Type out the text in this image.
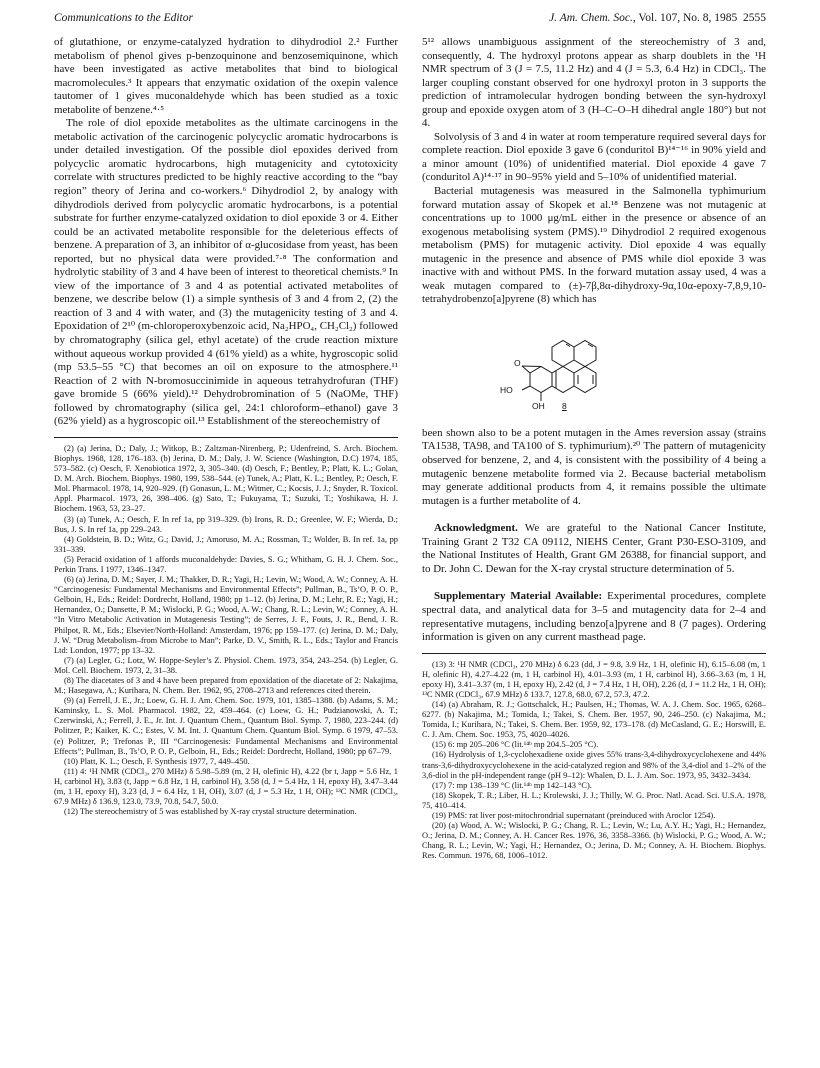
Communications to the Editor	J. Am. Chem. Soc., Vol. 107, No. 8, 1985 2555

of glutathione, or enzyme-catalyzed hydration to dihydrodiol 2.² Further metabolism of phenol gives p-benzoquinone and benzosemiquinone, which have been investigated as active metabolites that bind to biological macromolecules.³ It appears that enzymatic oxidation of the oxepin valence tautomer of 1 gives muconaldehyde which has been studied as a toxic metabolite of benzene.⁴·⁵

The role of diol epoxide metabolites as the ultimate carcinogens in the metabolic activation of the carcinogenic polycyclic aromatic hydrocarbons is under detailed investigation. Of the possible diol epoxides derived from polycyclic aromatic hydrocarbons, high mutagenicity and cytotoxicity correlate with structures predicted to be highly reactive according to the “bay region” theory of Jerina and co-workers.⁶ Dihydrodiol 2, by analogy with dihydrodiols derived from polycyclic aromatic hydrocarbons, is a potential substrate for further enzyme-catalyzed oxidation to diol epoxide 3 or 4. Either could be an activated metabolite responsible for the deleterious effects of benzene. A preparation of 3, an inhibitor of α-glucosidase from yeast, has been reported, but no physical data were provided.⁷·⁸ The conformation and hydrolytic stability of 3 and 4 have been of interest to theoretical chemists.⁹ In view of the importance of 3 and 4 as potential activated metabolites of benzene, we describe below (1) a simple synthesis of 3 and 4 from 2, (2) the reaction of 3 and 4 with water, and (3) the mutagenicity testing of 3 and 4. Epoxidation of 2¹⁰ (m-chloroperoxybenzoic acid, Na₂HPO₄, CH₂Cl₂) followed by chromatography (silica gel, ethyl acetate) of the crude reaction mixture without aqueous workup provided 4 (61% yield) as a white, hygroscopic solid (mp 53.5–55 °C) that becomes an oil on exposure to the atmosphere.¹¹ Reaction of 2 with N-bromosuccinimide in aqueous tetrahydrofuran (THF) gave bromide 5 (66% yield).¹² Dehydrobromination of 5 (NaOMe, THF) followed by chromatography (silica gel, 24:1 chloroform–ethanol) gave 3 (62% yield) as a hygroscopic oil.¹³ Establishment of the stereochemistry of

(2) (a) Jerina, D.; Daly, J.; Witkop, B.; Zaltzman-Nirenberg, P.; Udenfreind, S. Arch. Biochem. Biophys. 1968, 128, 176–183. (b) Jerina, D. M.; Daly, J. W. Science (Washington, D.C) 1974, 185, 573–582. (c) Oesch, F. Xenobiotica 1972, 3, 305–340. (d) Oesch, F.; Bentley, P.; Platt, K. L.; Golan, D. M. Arch. Biochem. Biophys. 1980, 199, 538–544. (e) Tunek, A.; Platt, K. L.; Bentley, P.; Oesch, F. Mol. Pharmacol. 1978, 14, 920–929. (f) Gonasun, L. M.; Witmer, C.; Kocsis, J. J.; Snyder, R. Toxicol. Appl. Pharmacol. 1973, 26, 398–406. (g) Sato, T.; Fukuyama, T.; Suzuki, T.; Yoshikawa, H. J. Biochem. 1963, 53, 23–27.

(3) (a) Tunek, A.; Oesch, F. In ref 1a, pp 319–329. (b) Irons, R. D.; Greenlee, W. F.; Wierda, D.; Bus, J. S. In ref 1a, pp 229–243.

(4) Goldstein, B. D.; Witz, G.; David, J.; Amoruso, M. A.; Rossman, T.; Wolder, B. In ref. 1a, pp 331–339.

(5) Peracid oxidation of 1 affords muconaldehyde: Davies, S. G.; Whitham, G. H. J. Chem. Soc., Perkin Trans. I 1977, 1346–1347.

(6) (a) Jerina, D. M.; Sayer, J. M.; Thakker, D. R.; Yagi, H.; Levin, W.; Wood, A. W.; Conney, A. H. “Carcinogenesis: Fundamental Mechanisms and Environmental Effects”; Pullman, B., Ts’O, P. O. P., Gelboin, H., Eds.; Reidel: Dordrecht, Holland, 1980; pp 1–12. (b) Jerina, D. M.; Lehr, R. E.; Yagi, H.; Hernandez, O.; Dansette, P. M.; Wislocki, P. G.; Wood, A. W.; Chang, R. L.; Levin, W.; Conney, A. H. “In Vitro Metabolic Activation in Mutagenesis Testing”; de Serres, J. F., Fouts, J. R., Bend, J. R. Philpot, R. M., Eds.; Elsevier/North-Holland: Amsterdam, 1976; pp 159–177. (c) Jerina, D. M.; Daly, J. W. “Drug Metabolism–from Microbe to Man”; Parke, D. V., Smith, R. L., Eds.; Taylor and Francis Ltd: London, 1977; pp 13–32.

(7) (a) Legler, G.; Lotz, W. Hoppe-Seyler’s Z. Physiol. Chem. 1973, 354, 243–254. (b) Legler, G. Mol. Cell. Biochem. 1973, 2, 31–38.

(8) The diacetates of 3 and 4 have been prepared from epoxidation of the diacetate of 2: Nakajima, M.; Hasegawa, A.; Kurihara, N. Chem. Ber. 1962, 95, 2708–2713 and references cited therein.

(9) (a) Ferrell, J. E., Jr.; Loew, G. H. J. Am. Chem. Soc. 1979, 101, 1385–1388. (b) Adams, S. M.; Kaminsky, L. S. Mol. Pharmacol. 1982, 22, 459–464. (c) Loew, G. H.; Pudzianowski, A. T.; Czerwinski, A.; Ferrell, J. E., Jr. Int. J. Quantum Chem., Quantum Biol. Symp. 7, 1980, 223–244. (d) Politzer, P.; Kaiker, K. C.; Estes, V. M. Int. J. Quantum Chem. Quantum Biol. Symp. 6 1979, 47–53. (e) Politzer, P.; Trefonas P., III “Carcinogenesis: Fundamental Mechanisms and Environmental Effects”; Pullman, B., Ts’O, P. O. P., Gelboin, H., Eds.; Reidel: Dordrecht, Holland, 1980; pp 67–79.

(10) Platt, K. L.; Oesch, F. Synthesis 1977, 7, 449–450.

(11) 4: ¹H NMR (CDCl₃, 270 MHz) δ 5.98–5.89 (m, 2 H, olefinic H), 4.22 (br t, Japp = 5.6 Hz, 1 H, carbinol H), 3.83 (t, Japp = 6.8 Hz, 1 H, carbinol H), 3.58 (d, J = 5.4 Hz, 1 H, epoxy H), 3.47–3.44 (m, 1 H, epoxy H), 3.23 (d, J = 6.4 Hz, 1 H, OH), 3.07 (d, J = 5.3 Hz, 1 H, OH); ¹³C NMR (CDCl₃, 67.9 MHz) δ 136.9, 123.0, 73.9, 70.8, 54.7, 50.0.

(12) The stereochemistry of 5 was established by X-ray crystal structure determination.

5¹² allows unambiguous assignment of the stereochemistry of 3 and, consequently, 4. The hydroxyl protons appear as sharp doublets in the ¹H NMR spectrum of 3 (J = 7.5, 11.2 Hz) and 4 (J = 5.3, 6.4 Hz) in CDCl₃. The larger coupling constant observed for one hydroxyl proton in 3 supports the prediction of intramolecular hydrogen bonding between the syn-hydroxyl group and epoxide oxygen atom of 3 (H–C–O–H dihedral angle 180°) but not 4.

Solvolysis of 3 and 4 in water at room temperature required several days for complete reaction. Diol epoxide 3 gave 6 (conduritol B)¹⁴⁻¹⁶ in 90% yield and a minor amount (10%) of unidentified material. Diol epoxide 4 gave 7 (conduritol A)¹⁴·¹⁷ in 90–95% yield and 5–10% of unidentified material.

Bacterial mutagenesis was measured in the Salmonella typhimurium forward mutation assay of Skopek et al.¹⁸ Benzene was not mutagenic at concentrations up to 1000 μg/mL either in the presence or absence of an exogenous metabolising system (PMS).¹⁹ Dihydrodiol 2 required exogenous metabolism (PMS) for mutagenic activity. Diol epoxide 4 was equally mutagenic in the presence and absence of PMS while diol epoxide 3 was inactive with and without PMS. In the forward mutation assay used, 4 was a weak mutagen compared to (±)-7β,8α-dihydroxy-9α,10α-epoxy-7,8,9,10-tetrahydrobenzo[a]pyrene (8) which has

O
HO
OH 8

been shown also to be a potent mutagen in the Ames reversion assay (strains TA1538, TA98, and TA100 of S. typhimurium).²⁰ The pattern of mutagenicity observed for benzene, 2, and 4, is consistent with the possibility of 4 being a mutagenic benzene metabolite formed via 2. Because bacterial metabolism may generate additional products from 4, it remains possible the ultimate mutagen is a further metabolite of 4.

Acknowledgment. We are grateful to the National Cancer Institute, Training Grant 2 T32 CA 09112, NIEHS Center, Grant P30-ESO-3109, and the National Institutes of Health, Grant GM 26388, for financial support, and to Dr. John C. Dewan for the X-ray crystal structure determination of 5.

Supplementary Material Available: Experimental procedures, complete spectral data, and analytical data for 3–5 and mutagencity data for 2–4 and representative mutagens, including benzo[a]pyrene and 8 (7 pages). Ordering information is given on any current masthead page.

(13) 3: ¹H NMR (CDCl₃, 270 MHz) δ 6.23 (dd, J = 9.8, 3.9 Hz, 1 H, olefinic H), 6.15–6.08 (m, 1 H, olefinic H), 4.27–4.22 (m, 1 H, carbinol H), 4.01–3.93 (m, 1 H, carbinol H), 3.66–3.63 (m, 1 H, epoxy H), 3.41–3.37 (m, 1 H, epoxy H), 2.42 (d, J = 7.4 Hz, 1 H, OH), 2.26 (d, J = 11.2 Hz, 1 H, OH); ¹³C NMR (CDCl₃, 67.9 MHz) δ 133.7, 127.8, 68.0, 67.2, 57.3, 47.2.

(14) (a) Abraham, R. J.; Gottschalck, H.; Paulsen, H.; Thomas, W. A. J. Chem. Soc. 1965, 6268–6277. (b) Nakajima, M.; Tomida, I.; Takei, S. Chem. Ber. 1957, 90, 246–250. (c) Nakajima, M.; Tomida, I.; Kurihara, N.; Takei, S. Chem. Ber. 1959, 92, 173–178. (d) McCasland, G. E.; Horswill, E. C. J. Am. Chem. Soc. 1953, 75, 4020–4026.

(15) 6: mp 205–206 °C (lit.¹⁴ᵇ mp 204.5–205 °C).

(16) Hydrolysis of 1,3-cyclohexadiene oxide gives 55% trans-3,4-dihydroxycyclohexene and 44% trans-3,6-dihydroxycyclohexene in the acid-catalyzed region and 98% of the 3,4-diol and 1–2% of the 3,6-diol in the pH-independent range (pH 9–12): Whalen, D. L. J. Am. Soc. 1973, 95, 3432–3434.

(17) 7: mp 138–139 °C (lit.¹⁴ᵇ mp 142–143 °C).

(18) Skopek, T. R.; Liber, H. L.; Krolewski, J. J.; Thilly, W. G. Proc. Natl. Acad. Sci. U.S.A. 1978, 75, 410–414.

(19) PMS: rat liver post-mitochrondrial supernatant (preinduced with Aroclor 1254).

(20) (a) Wood, A. W.; Wislocki, P. G.; Chang, R. L.; Levin, W.; Lu, A.Y. H.; Yagi, H.; Hernandez, O.; Jerina, D. M.; Conney, A. H. Cancer Res. 1976, 36, 3358–3366. (b) Wislocki, P. G.; Wood, A. W.; Chang, R. L.; Levin, W.; Yagi, H.; Hernandez, O.; Jerina, D. M.; Conney, A. H. Biochem. Biophys. Res. Commun. 1976, 68, 1006–1012.
